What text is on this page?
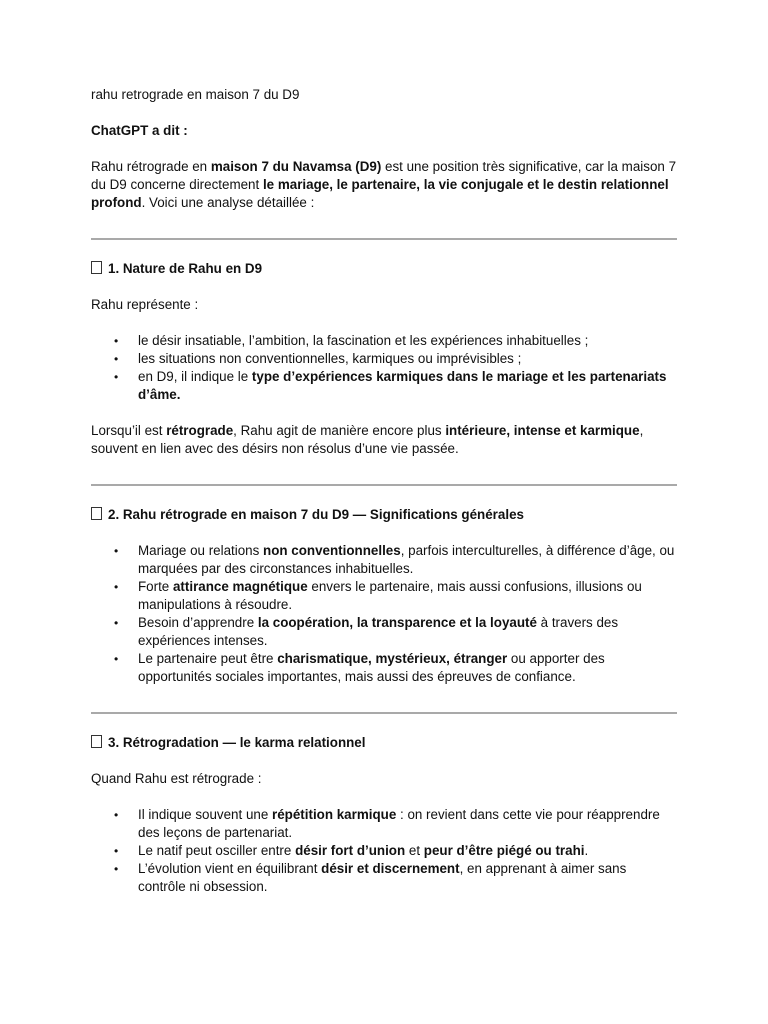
rahu retrograde en maison 7 du D9

ChatGPT a dit :

Rahu rétrograde en maison 7 du Navamsa (D9) est une position très significative, car la maison 7 du D9 concerne directement le mariage, le partenaire, la vie conjugale et le destin relationnel profond. Voici une analyse détaillée :

1. Nature de Rahu en D9

Rahu représente :

• le désir insatiable, l’ambition, la fascination et les expériences inhabituelles ;
• les situations non conventionnelles, karmiques ou imprévisibles ;
• en D9, il indique le type d’expériences karmiques dans le mariage et les partenariats d’âme.

Lorsqu’il est rétrograde, Rahu agit de manière encore plus intérieure, intense et karmique, souvent en lien avec des désirs non résolus d’une vie passée.

2. Rahu rétrograde en maison 7 du D9 — Significations générales

• Mariage ou relations non conventionnelles, parfois interculturelles, à différence d’âge, ou marquées par des circonstances inhabituelles.
• Forte attirance magnétique envers le partenaire, mais aussi confusions, illusions ou manipulations à résoudre.
• Besoin d’apprendre la coopération, la transparence et la loyauté à travers des expériences intenses.
• Le partenaire peut être charismatique, mystérieux, étranger ou apporter des opportunités sociales importantes, mais aussi des épreuves de confiance.

3. Rétrogradation — le karma relationnel

Quand Rahu est rétrograde :

• Il indique souvent une répétition karmique : on revient dans cette vie pour réapprendre des leçons de partenariat.
• Le natif peut osciller entre désir fort d’union et peur d’être piégé ou trahi.
• L’évolution vient en équilibrant désir et discernement, en apprenant à aimer sans contrôle ni obsession.
